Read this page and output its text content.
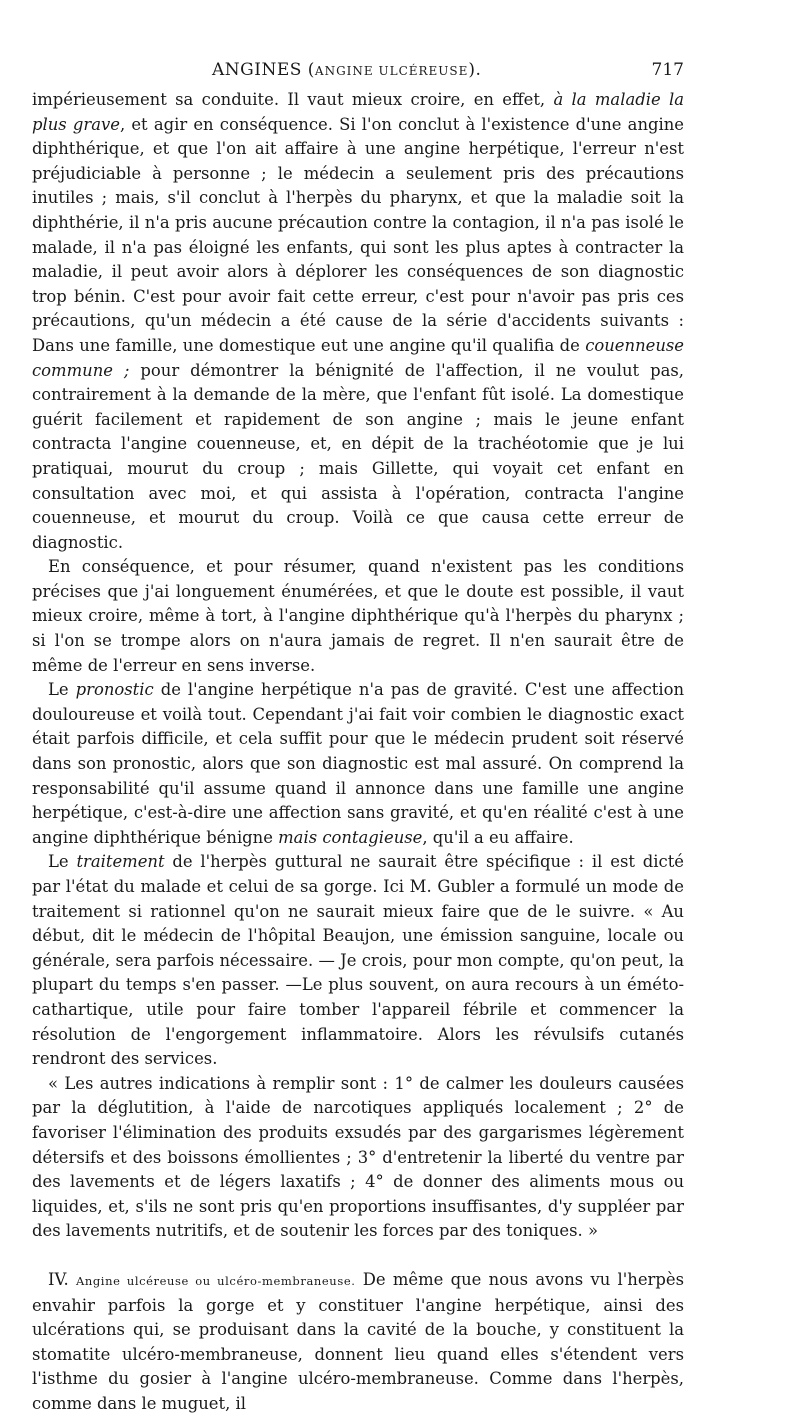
ANGINES (ANGINE ULCÉREUSE).	717

impérieusement sa conduite. Il vaut mieux croire, en effet, à la maladie la plus grave, et agir en conséquence. Si l'on conclut à l'existence d'une angine diphthérique, et que l'on ait affaire à une angine herpétique, l'erreur n'est préjudiciable à personne ; le médecin a seulement pris des précautions inutiles ; mais, s'il conclut à l'herpès du pharynx, et que la maladie soit la diphthérie, il n'a pris aucune précaution contre la contagion, il n'a pas isolé le malade, il n'a pas éloigné les enfants, qui sont les plus aptes à contracter la maladie, il peut avoir alors à déplorer les conséquences de son diagnostic trop bénin. C'est pour avoir fait cette erreur, c'est pour n'avoir pas pris ces précautions, qu'un médecin a été cause de la série d'accidents suivants : Dans une famille, une domestique eut une angine qu'il qualifia de couenneuse commune ; pour démontrer la bénignité de l'affection, il ne voulut pas, contrairement à la demande de la mère, que l'enfant fût isolé. La domestique guérit facilement et rapidement de son angine ; mais le jeune enfant contracta l'angine couenneuse, et, en dépit de la trachéotomie que je lui pratiquai, mourut du croup ; mais Gillette, qui voyait cet enfant en consultation avec moi, et qui assista à l'opération, contracta l'angine couenneuse, et mourut du croup. Voilà ce que causa cette erreur de diagnostic.

En conséquence, et pour résumer, quand n'existent pas les conditions précises que j'ai longuement énumérées, et que le doute est possible, il vaut mieux croire, même à tort, à l'angine diphthérique qu'à l'herpès du pharynx ; si l'on se trompe alors on n'aura jamais de regret. Il n'en saurait être de même de l'erreur en sens inverse.

Le pronostic de l'angine herpétique n'a pas de gravité. C'est une affection douloureuse et voilà tout. Cependant j'ai fait voir combien le diagnostic exact était parfois difficile, et cela suffit pour que le médecin prudent soit réservé dans son pronostic, alors que son diagnostic est mal assuré. On comprend la responsabilité qu'il assume quand il annonce dans une famille une angine herpétique, c'est-à-dire une affection sans gravité, et qu'en réalité c'est à une angine diphthérique bénigne mais contagieuse, qu'il a eu affaire.

Le traitement de l'herpès guttural ne saurait être spécifique : il est dicté par l'état du malade et celui de sa gorge. Ici M. Gubler a formulé un mode de traitement si rationnel qu'on ne saurait mieux faire que de le suivre. « Au début, dit le médecin de l'hôpital Beaujon, une émission sanguine, locale ou générale, sera parfois nécessaire. — Je crois, pour mon compte, qu'on peut, la plupart du temps s'en passer. —Le plus souvent, on aura recours à un éméto-cathartique, utile pour faire tomber l'appareil fébrile et commencer la résolution de l'engorgement inflammatoire. Alors les révulsifs cutanés rendront des services.

« Les autres indications à remplir sont : 1° de calmer les douleurs causées par la déglutition, à l'aide de narcotiques appliqués localement ; 2° de favoriser l'élimination des produits exsudés par des gargarismes légèrement détersifs et des boissons émollientes ; 3° d'entretenir la liberté du ventre par des lavements et de légers laxatifs ; 4° de donner des aliments mous ou liquides, et, s'ils ne sont pris qu'en proportions insuffisantes, d'y suppléer par des lavements nutritifs, et de soutenir les forces par des toniques. »

IV. Angine ulcéreuse ou ulcéro-membraneuse. De même que nous avons vu l'herpès envahir parfois la gorge et y constituer l'angine herpétique, ainsi des ulcérations qui, se produisant dans la cavité de la bouche, y constituent la stomatite ulcéro-membraneuse, donnent lieu quand elles s'étendent vers l'isthme du gosier à l'angine ulcéro-membraneuse. Comme dans l'herpès, comme dans le muguet, il
